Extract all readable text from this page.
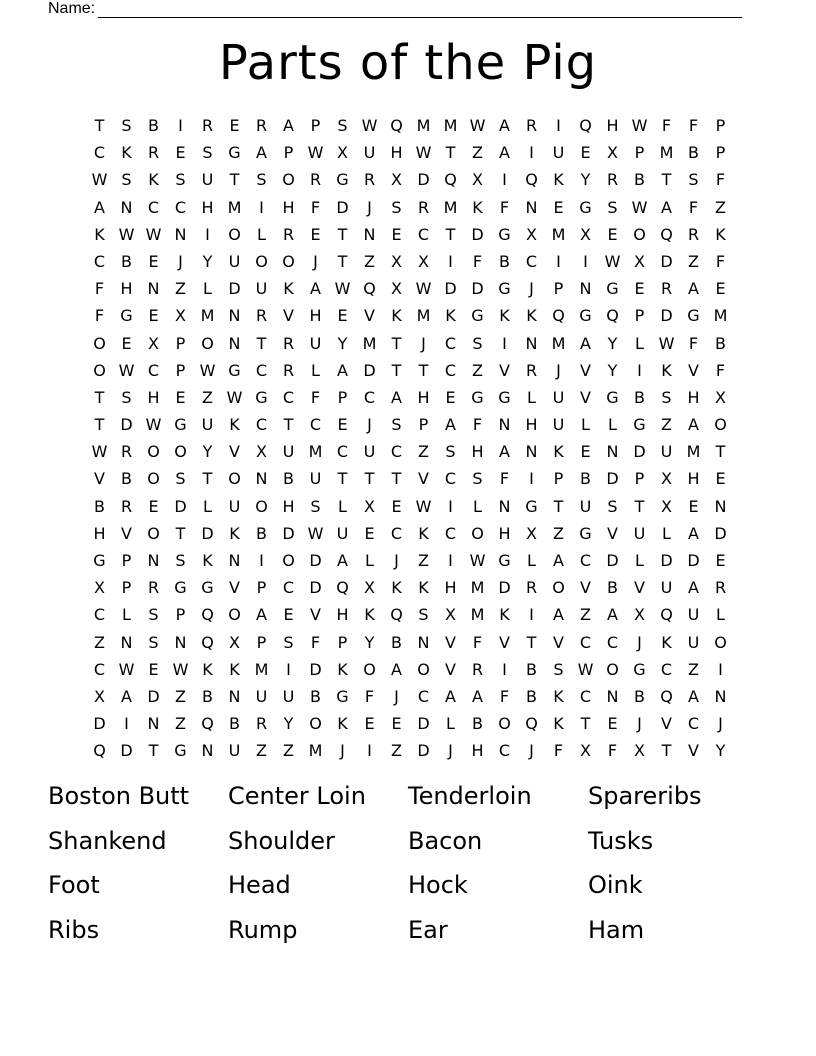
Name:
Parts of the Pig
T	S	B	I	R	E	R A	P	S W Q M M W A R	I	Q H W F	F	P
C	K	R	E	S G A	P W X U H W T	Z	A	I	U	E	X	P M B	P
W S	K	S	U	T	S O R G R X D Q X	I	Q K	Y	R B	T	S	F
A N C C H M	I	H	F	D	J	S	R M K	F	N E G S W A	F	Z
K W W N	I	O	L	R	E	T	N E	C	T D G X M X	E O Q R	K
C B	E	J	Y	U O O	J	T	Z	X	X	I	F	B C	I	I	W X D Z	F
F	H N Z	L	D U K	A W Q X W D D G	J	P	N G E	R A	E
F	G E	X M N R V H E	V	K M K G K	K Q G Q P	D G M
O E	X	P O N	T	R U	Y M T	J	C	S	I	N M A	Y	L W F	B
O W C	P W G C R	L	A D T	T	C Z	V R	J	V	Y	I	K	V	F
T	S H E	Z W G C	F	P	C A H E G G	L	U V G B	S H X
T D W G U K	C	T	C	E	J	S	P	A	F	N H U	L	L	G Z	A O
W R O O Y	V	X U M C U C Z	S H A N K	E N D U M T
V	B O S	T O N B U	T	T	T	V C	S	F	I	P	B D	P	X H E
B R	E D	L	U O H S	L	X	E W	I	L	N G T	U	S	T	X	E N
H V O T D K	B D W U	E	C	K	C O H X	Z G V U	L	A D
G P	N S	K N	I	O D A	L	J	Z	I	W G	L	A C D	L	D D E
X	P	R G G V	P	C D Q X	K	K H M D R O V	B	V U A R
C	L	S	P Q O A	E	V H K Q S	X M K	I	A	Z	A	X Q U	L
Z N S N Q X	P	S	F	P	Y	B N V	F	V	T	V C C	J	K U O
C W E W K	K M	I	D K O A O V R	I	B	S W O G C Z	I
X	A D Z	B N U U B G	F	J	C A	A	F	B	K	C N B Q A N
D	I	N Z Q B R	Y O K	E	E D	L	B O Q K	T	E	J	V C	J
Q D T G N U Z	Z M	J	I	Z D	J	H C	J	F	X	F	X	T	V	Y
Boston Butt	Center Loin	Tenderloin	Spareribs
Shankend	Shoulder	Bacon	Tusks
Foot	Head	Hock	Oink
Ribs	Rump	Ear	Ham
